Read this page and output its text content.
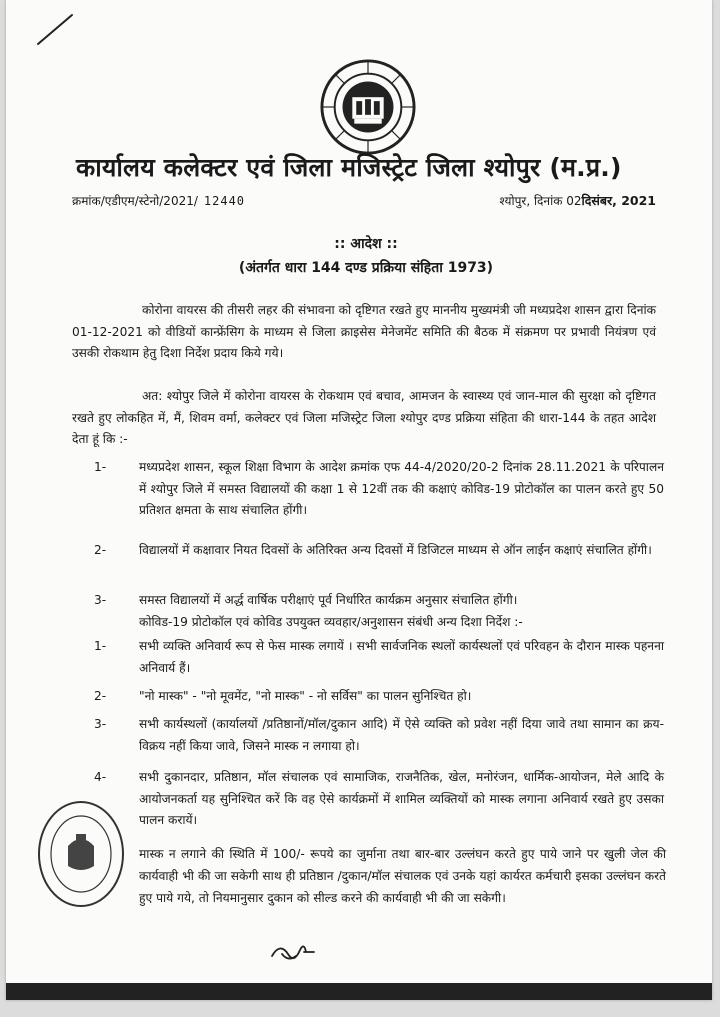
कार्यालय कलेक्टर एवं जिला मजिस्ट्रेट जिला श्योपुर (म.प्र.)
क्रमांक/एडीएम/स्टेनो/2021/ 12440	श्योपुर, दिनांक 02दिसंबर, 2021
:: आदेश ::
(अंतर्गत धारा 144 दण्ड प्रक्रिया संहिता 1973)
कोरोना वायरस की तीसरी लहर की संभावना को दृष्टिगत रखते हुए माननीय मुख्यमंत्री जी मध्यप्रदेश शासन द्वारा दिनांक 01-12-2021 को वीडियों कान्फ्रेंसिग के माध्यम से जिला क्राइसेस मेनेजमेंट समिति की बैठक में संक्रमण पर प्रभावी नियंत्रण एवं उसकी रोकथाम हेतु दिशा निर्देश प्रदाय किये गये।
अत: श्योपुर जिले में कोरोना वायरस के रोकथाम एवं बचाव, आमजन के स्वास्थ्य एवं जान-माल की सुरक्षा को दृष्टिगत रखते हुए लोकहित में, मैं, शिवम वर्मा, कलेक्टर एवं जिला मजिस्ट्रेट जिला श्योपुर दण्ड प्रक्रिया संहिता की धारा-144 के तहत आदेश देता हूं कि :-
1-	मध्यप्रदेश शासन, स्कूल शिक्षा विभाग के आदेश क्रमांक एफ 44-4/2020/20-2 दिनांक 28.11.2021 के परिपालन में श्योपुर जिले में समस्त विद्यालयों की कक्षा 1 से 12वीं तक की कक्षाएं कोविड-19 प्रोटोकॉल का पालन करते हुए 50 प्रतिशत क्षमता के साथ संचालित होंगी।
2-	विद्यालयों में कक्षावार नियत दिवसों के अतिरिक्त अन्य दिवसों में डिजिटल माध्यम से ऑन लाईन कक्षाएं संचालित होंगी।
3-	समस्त विद्यालयों में अर्द्ध वार्षिक परीक्षाएं पूर्व निर्धारित कार्यक्रम अनुसार संचालित होंगी।
कोविड-19 प्रोटोकॉल एवं कोविड उपयुक्त व्यवहार/अनुशासन संबंधी अन्य दिशा निर्देश :-
1-	सभी व्यक्ति अनिवार्य रूप से फेस मास्क लगायें । सभी सार्वजनिक स्थलों कार्यस्थलों एवं परिवहन के दौरान मास्क पहनना अनिवार्य हैं।
2-	"नो मास्क" - "नो मूवमेंट, "नो मास्क" - नो सर्विस" का पालन सुनिश्चित हो।
3-	सभी कार्यस्थलों (कार्यालयों /प्रतिष्ठानों/मॉल/दुकान आदि) में ऐसे व्यक्ति को प्रवेश नहीं दिया जावे तथा सामान का क्रय-विक्रय नहीं किया जावे, जिसने मास्क न लगाया हो।
4-	सभी दुकानदार, प्रतिष्ठान, मॉल संचालक एवं सामाजिक, राजनैतिक, खेल, मनोरंजन, धार्मिक-आयोजन, मेले आदि के आयोजनकर्ता यह सुनिश्चित करें कि वह ऐसे कार्यक्रमों में शामिल व्यक्तियों को मास्क लगाना अनिवार्य रखते हुए उसका पालन करायें।
मास्क न लगाने की स्थिति में 100/- रूपये का जुर्माना तथा बार-बार उल्लंघन करते हुए पाये जाने पर खुली जेल की कार्यवाही भी की जा सकेगी साथ ही प्रतिष्ठान /दुकान/मॉल संचालक एवं उनके यहां कार्यरत कर्मचारी इसका उल्लंघन करते हुए पाये गये, तो नियमानुसार दुकान को सील्ड करने की कार्यवाही भी की जा सकेगी।
